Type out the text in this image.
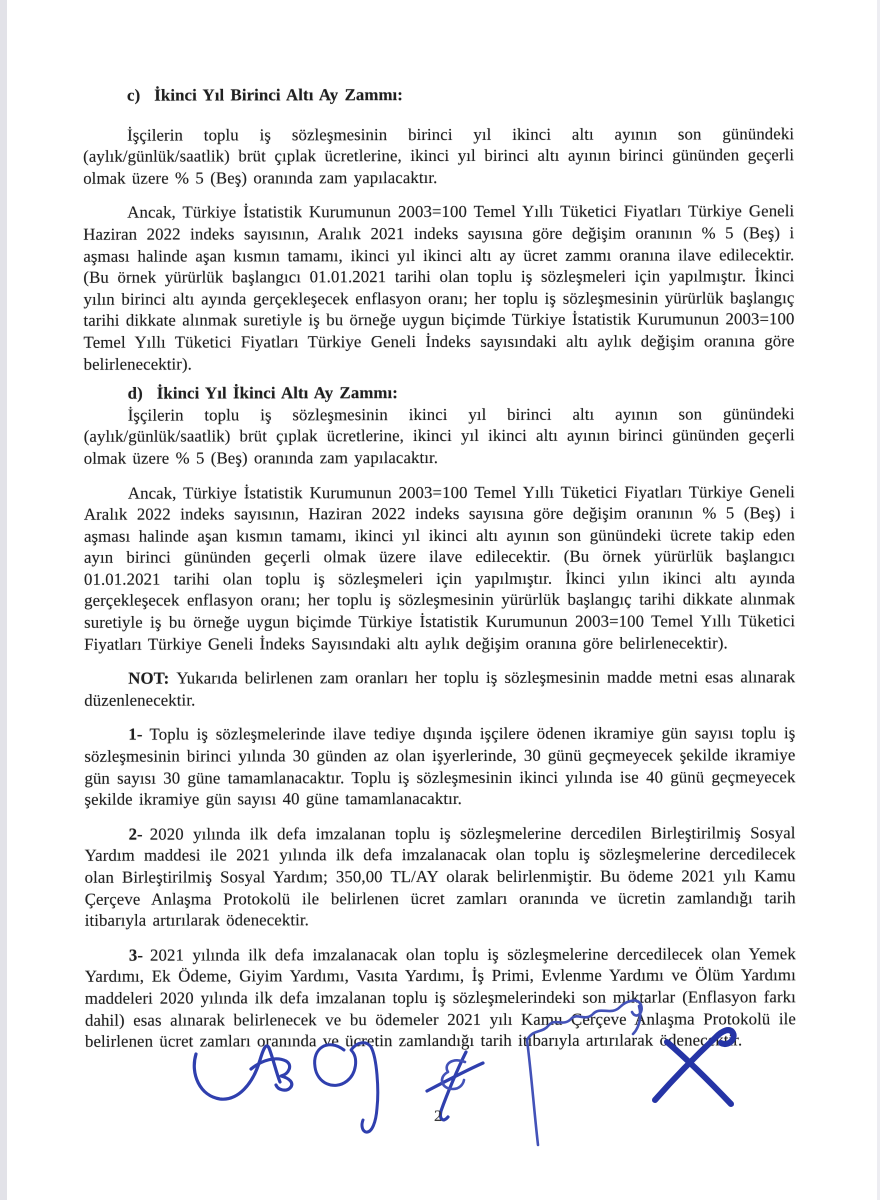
c) İkinci Yıl Birinci Altı Ay Zammı:

İşçilerin toplu iş sözleşmesinin birinci yıl ikinci altı ayının son günündeki (aylık/günlük/saatlik) brüt çıplak ücretlerine, ikinci yıl birinci altı ayının birinci gününden geçerli olmak üzere % 5 (Beş) oranında zam yapılacaktır.

Ancak, Türkiye İstatistik Kurumunun 2003=100 Temel Yıllı Tüketici Fiyatları Türkiye Geneli Haziran 2022 indeks sayısının, Aralık 2021 indeks sayısına göre değişim oranının % 5 (Beş) i aşması halinde aşan kısmın tamamı, ikinci yıl ikinci altı ay ücret zammı oranına ilave edilecektir. (Bu örnek yürürlük başlangıcı 01.01.2021 tarihi olan toplu iş sözleşmeleri için yapılmıştır. İkinci yılın birinci altı ayında gerçekleşecek enflasyon oranı; her toplu iş sözleşmesinin yürürlük başlangıç tarihi dikkate alınmak suretiyle iş bu örneğe uygun biçimde Türkiye İstatistik Kurumunun 2003=100 Temel Yıllı Tüketici Fiyatları Türkiye Geneli İndeks sayısındaki altı aylık değişim oranına göre belirlenecektir).

d) İkinci Yıl İkinci Altı Ay Zammı:

İşçilerin toplu iş sözleşmesinin ikinci yıl birinci altı ayının son günündeki (aylık/günlük/saatlik) brüt çıplak ücretlerine, ikinci yıl ikinci altı ayının birinci gününden geçerli olmak üzere % 5 (Beş) oranında zam yapılacaktır.

Ancak, Türkiye İstatistik Kurumunun 2003=100 Temel Yıllı Tüketici Fiyatları Türkiye Geneli Aralık 2022 indeks sayısının, Haziran 2022 indeks sayısına göre değişim oranının % 5 (Beş) i aşması halinde aşan kısmın tamamı, ikinci yıl ikinci altı ayının son günündeki ücrete takip eden ayın birinci gününden geçerli olmak üzere ilave edilecektir. (Bu örnek yürürlük başlangıcı 01.01.2021 tarihi olan toplu iş sözleşmeleri için yapılmıştır. İkinci yılın ikinci altı ayında gerçekleşecek enflasyon oranı; her toplu iş sözleşmesinin yürürlük başlangıç tarihi dikkate alınmak suretiyle iş bu örneğe uygun biçimde Türkiye İstatistik Kurumunun 2003=100 Temel Yıllı Tüketici Fiyatları Türkiye Geneli İndeks Sayısındaki altı aylık değişim oranına göre belirlenecektir).

NOT: Yukarıda belirlenen zam oranları her toplu iş sözleşmesinin madde metni esas alınarak düzenlenecektir.

1- Toplu iş sözleşmelerinde ilave tediye dışında işçilere ödenen ikramiye gün sayısı toplu iş sözleşmesinin birinci yılında 30 günden az olan işyerlerinde, 30 günü geçmeyecek şekilde ikramiye gün sayısı 30 güne tamamlanacaktır. Toplu iş sözleşmesinin ikinci yılında ise 40 günü geçmeyecek şekilde ikramiye gün sayısı 40 güne tamamlanacaktır.

2- 2020 yılında ilk defa imzalanan toplu iş sözleşmelerine dercedilen Birleştirilmiş Sosyal Yardım maddesi ile 2021 yılında ilk defa imzalanacak olan toplu iş sözleşmelerine dercedilecek olan Birleştirilmiş Sosyal Yardım; 350,00 TL/AY olarak belirlenmiştir. Bu ödeme 2021 yılı Kamu Çerçeve Anlaşma Protokolü ile belirlenen ücret zamları oranında ve ücretin zamlandığı tarih itibarıyla artırılarak ödenecektir.

3- 2021 yılında ilk defa imzalanacak olan toplu iş sözleşmelerine dercedilecek olan Yemek Yardımı, Ek Ödeme, Giyim Yardımı, Vasıta Yardımı, İş Primi, Evlenme Yardımı ve Ölüm Yardımı maddeleri 2020 yılında ilk defa imzalanan toplu iş sözleşmelerindeki son miktarlar (Enflasyon farkı dahil) esas alınarak belirlenecek ve bu ödemeler 2021 yılı Kamu Çerçeve Anlaşma Protokolü ile belirlenen ücret zamları oranında ve ücretin zamlandığı tarih itibarıyla artırılarak ödenecektir.

2
